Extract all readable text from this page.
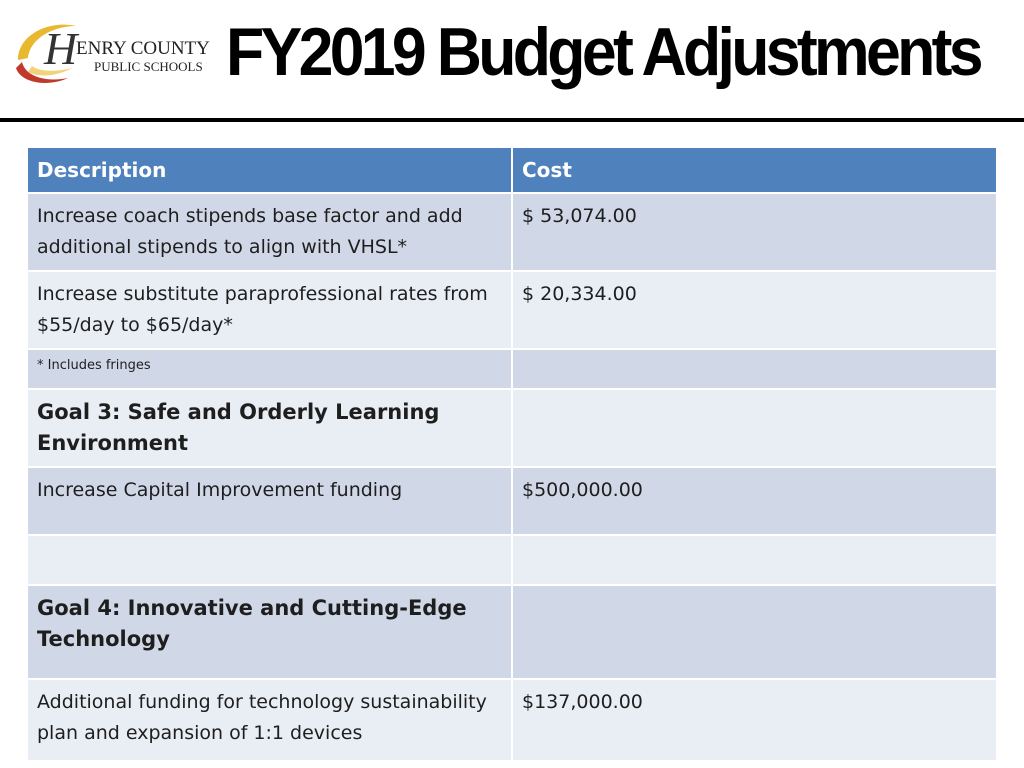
H
ENRY COUNTY
PUBLIC SCHOOLS FY2019 Budget Adjustments
Description	Cost
Increase coach stipends base factor and add additional stipends to align with VHSL*	$ 53,074.00
Increase substitute paraprofessional rates from $55/day to $65/day*	$ 20,334.00
* Includes fringes	
Goal 3: Safe and Orderly Learning Environment	
Increase Capital Improvement funding	$500,000.00

Goal 4: Innovative and Cutting-Edge Technology	
Additional funding for technology sustainability plan and expansion of 1:1 devices	$137,000.00
